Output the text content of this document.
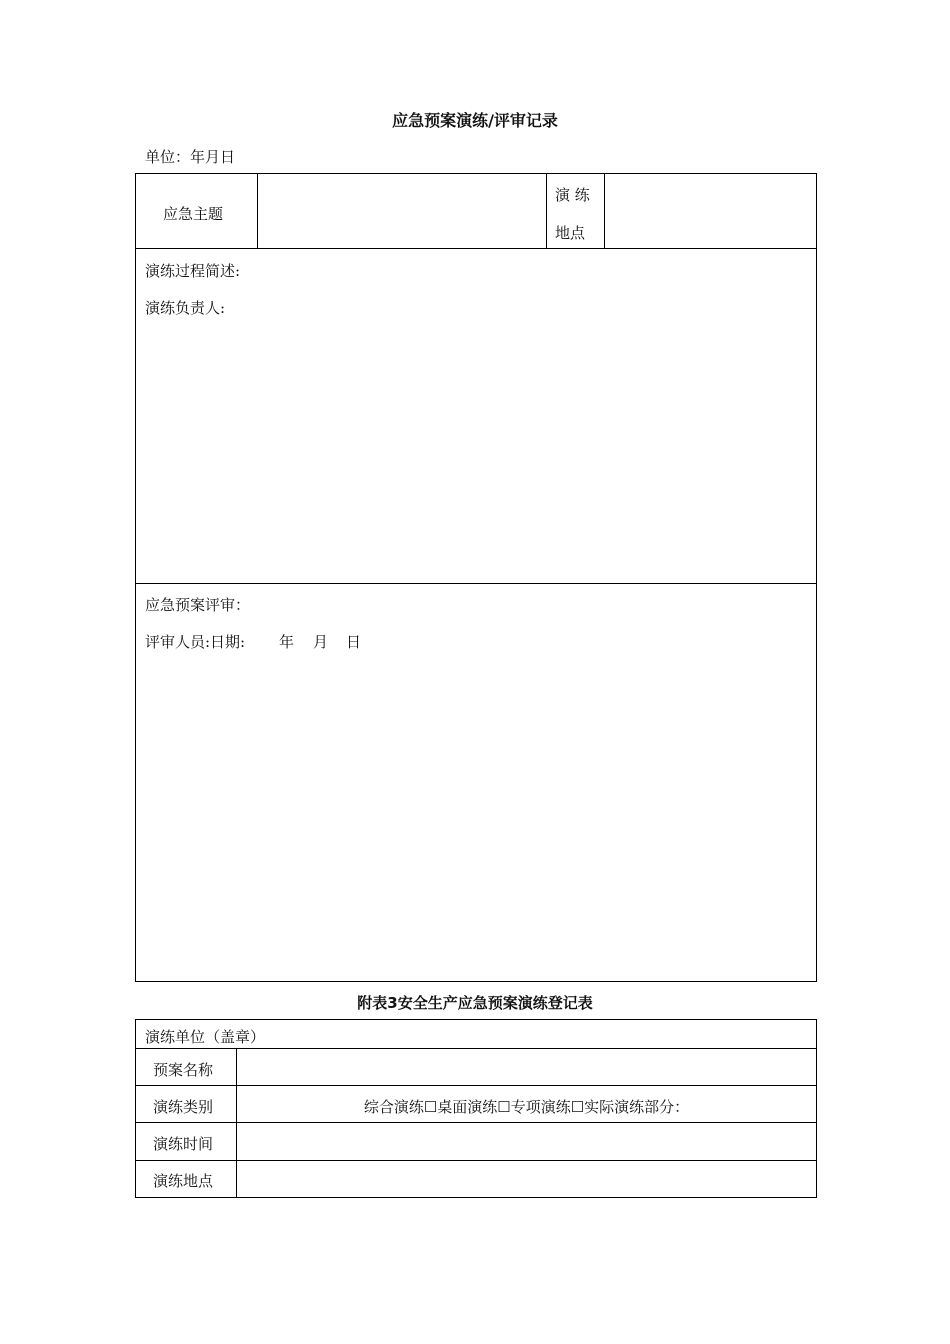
应急预案演练/评审记录
单位：年月日
应急主题
演 练
地点
演练过程简述:
演练负责人:
应急预案评审：
评审人员:日期: 年 月 日
附表3安全生产应急预案演练登记表
演练单位（盖章）
预案名称
演练类别	综合演练☐桌面演练☐专项演练☐实际演练部分：
演练时间
演练地点
